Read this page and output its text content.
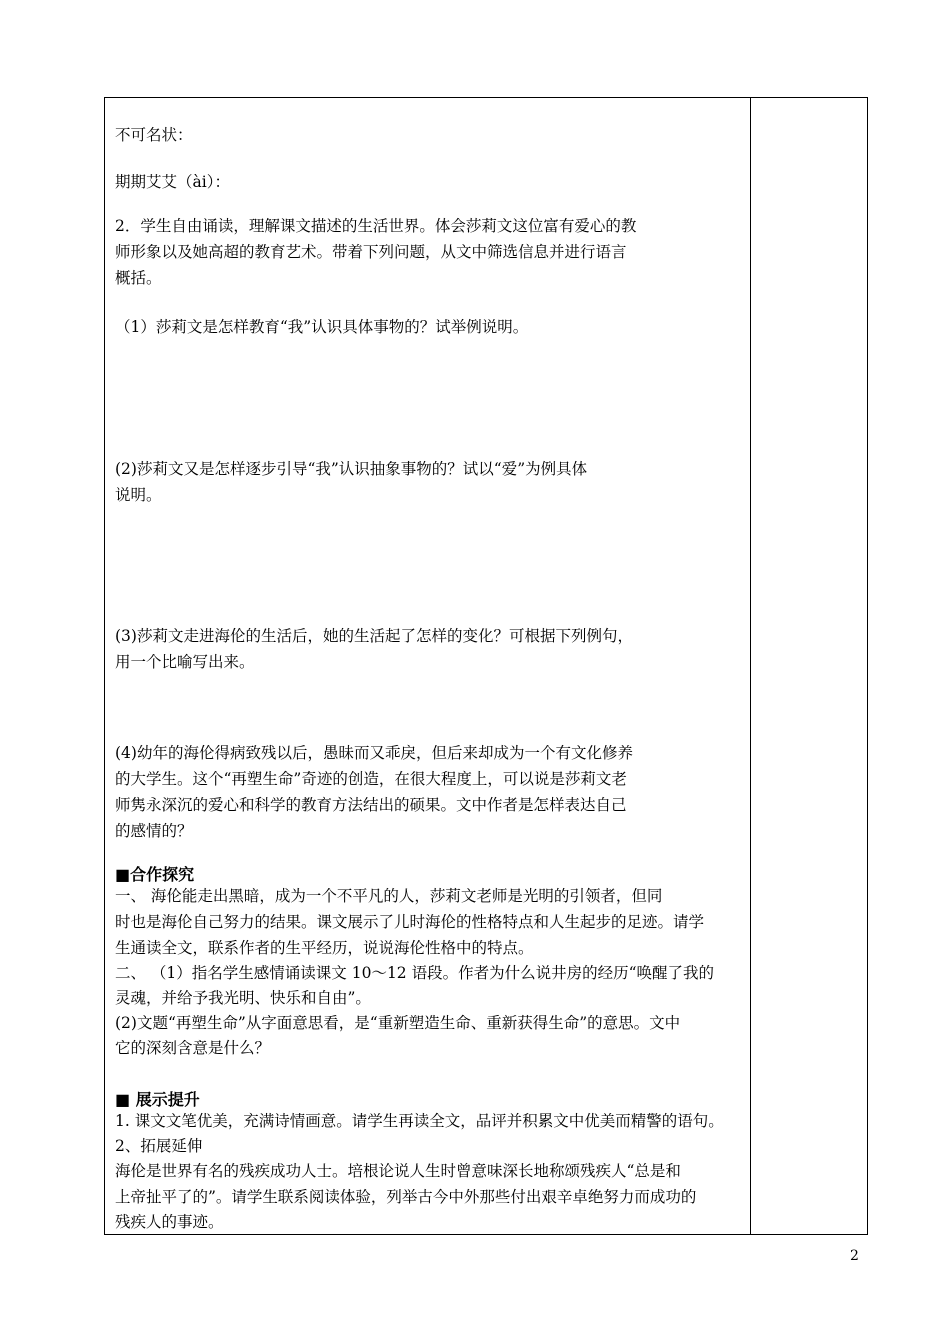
不可名状：
期期艾艾（ài）：
2．学生自由诵读，理解课文描述的生活世界。体会莎莉文这位富有爱心的教
师形象以及她高超的教育艺术。带着下列问题，从文中筛选信息并进行语言
概括。
（1）莎莉文是怎样教育“我”认识具体事物的？试举例说明。
(2)莎莉文又是怎样逐步引导“我”认识抽象事物的？试以“爱”为例具体
说明。
(3)莎莉文走进海伦的生活后，她的生活起了怎样的变化？可根据下列例句，
用一个比喻写出来。
(4)幼年的海伦得病致残以后，愚昧而又乖戾，但后来却成为一个有文化修养
的大学生。这个“再塑生命”奇迹的创造，在很大程度上，可以说是莎莉文老
师隽永深沉的爱心和科学的教育方法结出的硕果。文中作者是怎样表达自己
的感情的？
■合作探究
一、 海伦能走出黑暗，成为一个不平凡的人，莎莉文老师是光明的引领者，但同
时也是海伦自己努力的结果。课文展示了儿时海伦的性格特点和人生起步的足迹。请学
生通读全文，联系作者的生平经历，说说海伦性格中的特点。
二、 （1）指名学生感情诵读课文 10～12 语段。作者为什么说井房的经历“唤醒了我的
灵魂，并给予我光明、快乐和自由”。
(2)文题“再塑生命”从字面意思看，是“重新塑造生命、重新获得生命”的意思。文中
它的深刻含意是什么？
■ 展示提升
1. 课文文笔优美，充满诗情画意。请学生再读全文，品评并积累文中优美而精警的语句。
2、拓展延伸
海伦是世界有名的残疾成功人士。培根论说人生时曾意味深长地称颂残疾人“总是和
上帝扯平了的”。请学生联系阅读体验，列举古今中外那些付出艰辛卓绝努力而成功的
残疾人的事迹。
2
